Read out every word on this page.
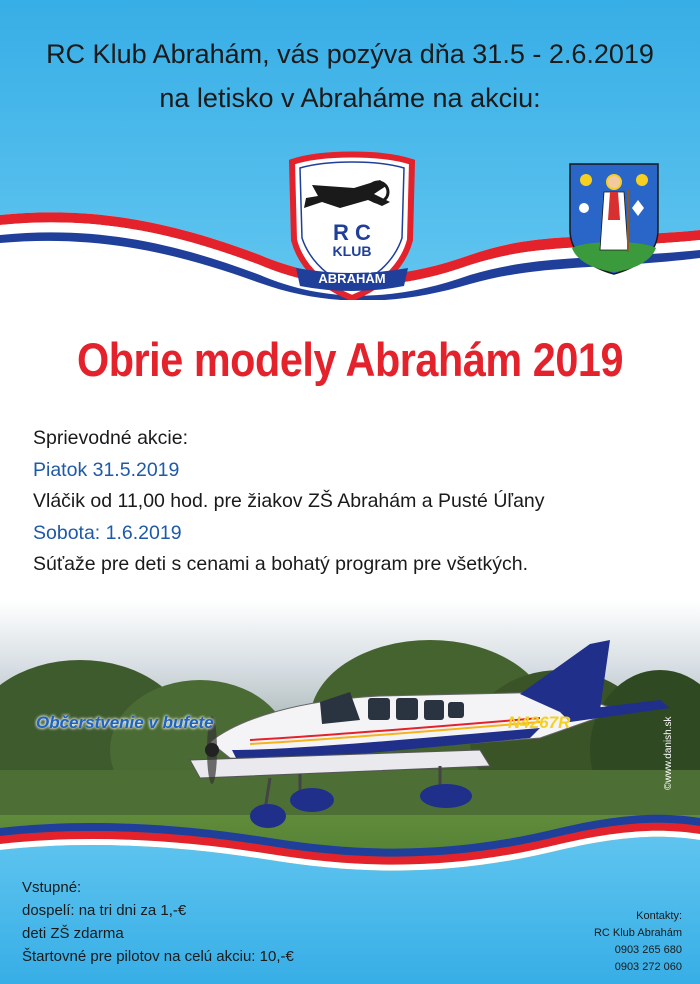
RC Klub Abrahám, vás pozýva dňa 31.5 - 2.6.2019
na letisko v Abraháme na akciu:
R C
KLUB
ABRAHÁM
Obrie modely Abrahám 2019

Sprievodné akcie:

Piatok 31.5.2019

Vláčik od 11,00 hod. pre žiakov ZŠ Abrahám a Pusté Úľany

Sobota: 1.6.2019

Súťaže pre deti s cenami a bohatý program pre všetkých.

N4267R
Občerstvenie v bufete	©www.danish.sk

Vstupné:

dospelí: na tri dni za 1,-€

deti ZŠ zdarma

Štartovné pre pilotov na celú akciu: 10,-€

Kontakty:

RC Klub Abrahám

0903 265 680

0903 272 060
